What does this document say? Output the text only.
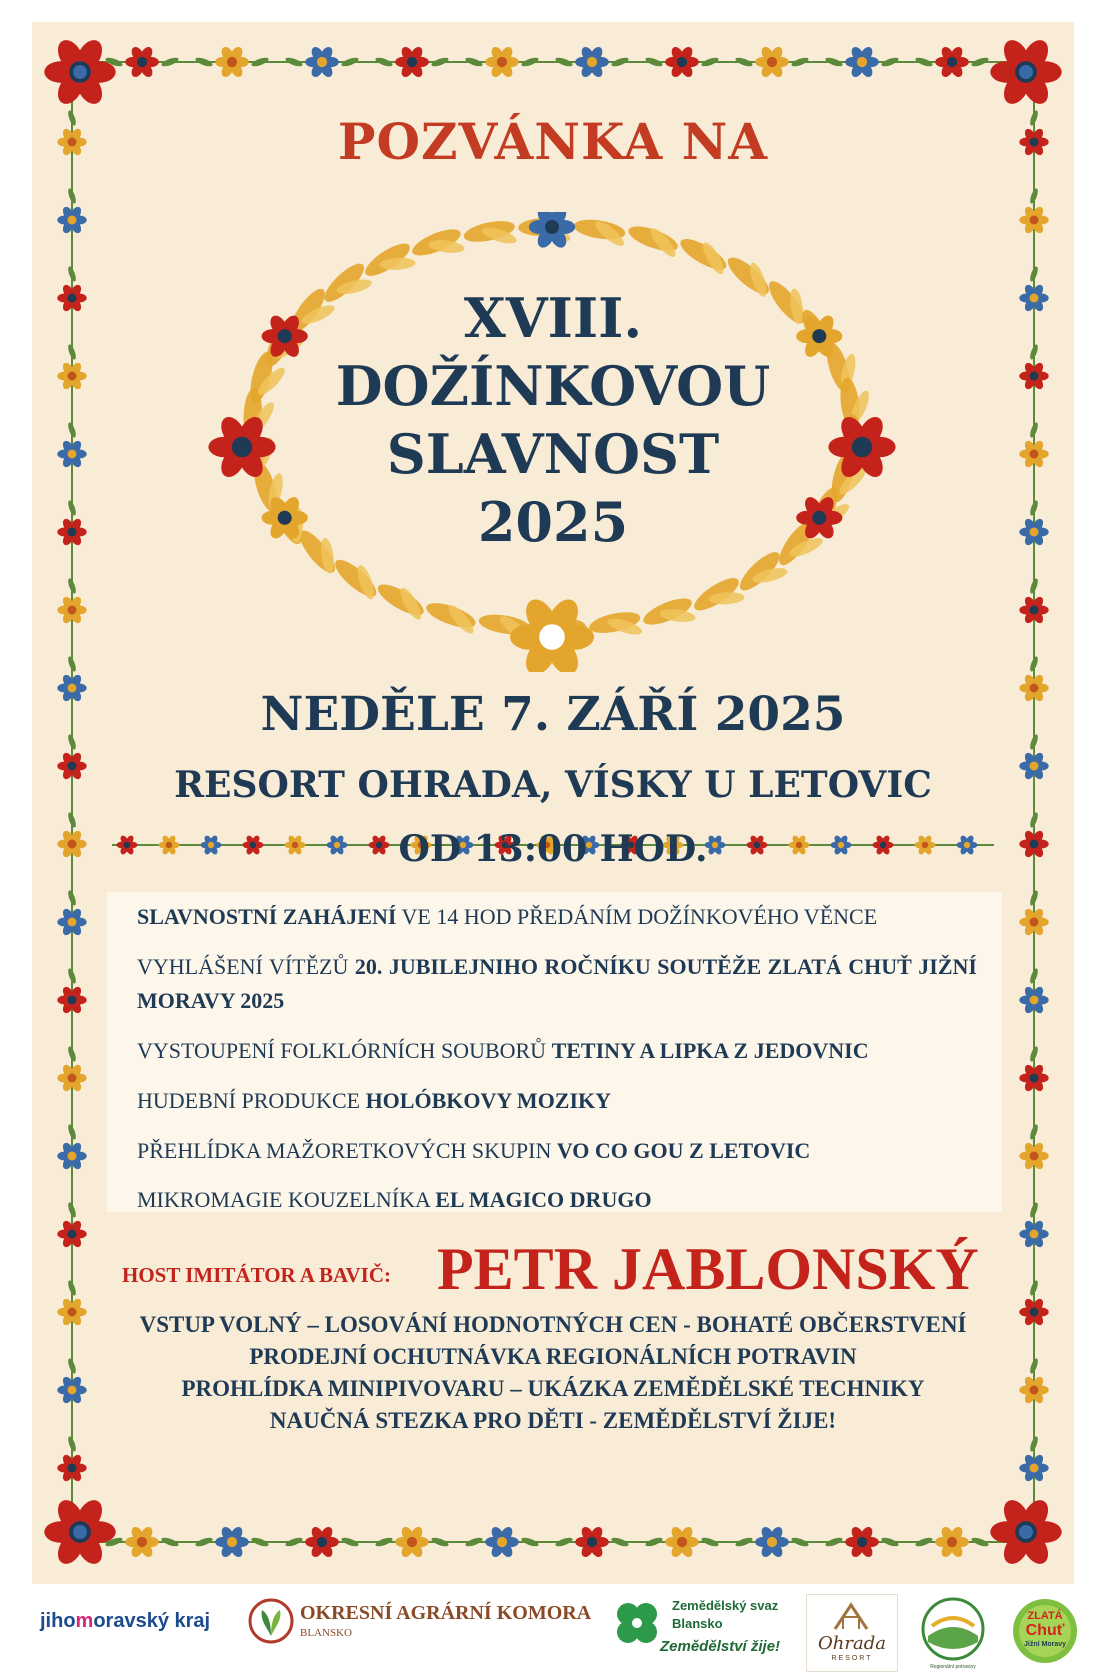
POZVÁNKA NA
XVIII.
DOŽÍNKOVOU
SLAVNOST
2025
NEDĚLE 7. ZÁŘÍ 2025
RESORT OHRADA, VÍSKY U LETOVIC
OD 13:00 HOD.
SLAVNOSTNÍ ZAHÁJENÍ VE 14 HOD PŘEDÁNÍM DOŽÍNKOVÉHO VĚNCE
VYHLÁŠENÍ VÍTĚZŮ 20. JUBILEJNIHO ROČNÍKU SOUTĚŽE ZLATÁ CHUŤ JIŽNÍ MORAVY 2025
VYSTOUPENÍ FOLKLÓRNÍCH SOUBORŮ TETINY A LIPKA Z JEDOVNIC
HUDEBNÍ PRODUKCE HOLÓBKOVY MOZIKY
PŘEHLÍDKA MAŽORETKOVÝCH SKUPIN VO CO GOU Z LETOVIC
MIKROMAGIE KOUZELNÍKA EL MAGICO DRUGO
HOST IMITÁTOR A BAVIČ: PETR JABLONSKÝ
VSTUP VOLNÝ – LOSOVÁNÍ HODNOTNÝCH CEN - BOHATÉ OBČERSTVENÍ
PRODEJNÍ OCHUTNÁVKA REGIONÁLNÍCH POTRAVIN
PROHLÍDKA MINIPIVOVARU – UKÁZKA ZEMĚDĚLSKÉ TECHNIKY
NAUČNÁ STEZKA PRO DĚTI - ZEMĚDĚLSTVÍ ŽIJE!
jihomoravský kraj	OKRESNÍ AGRÁRNÍ KOMORA
BLANSKO
Zemědělský svaz
Blansko
Zemědělství žije!	Ohrada
RESORT
Regionální potraviny
ZLATÁ
Chuť
Jižní Moravy
